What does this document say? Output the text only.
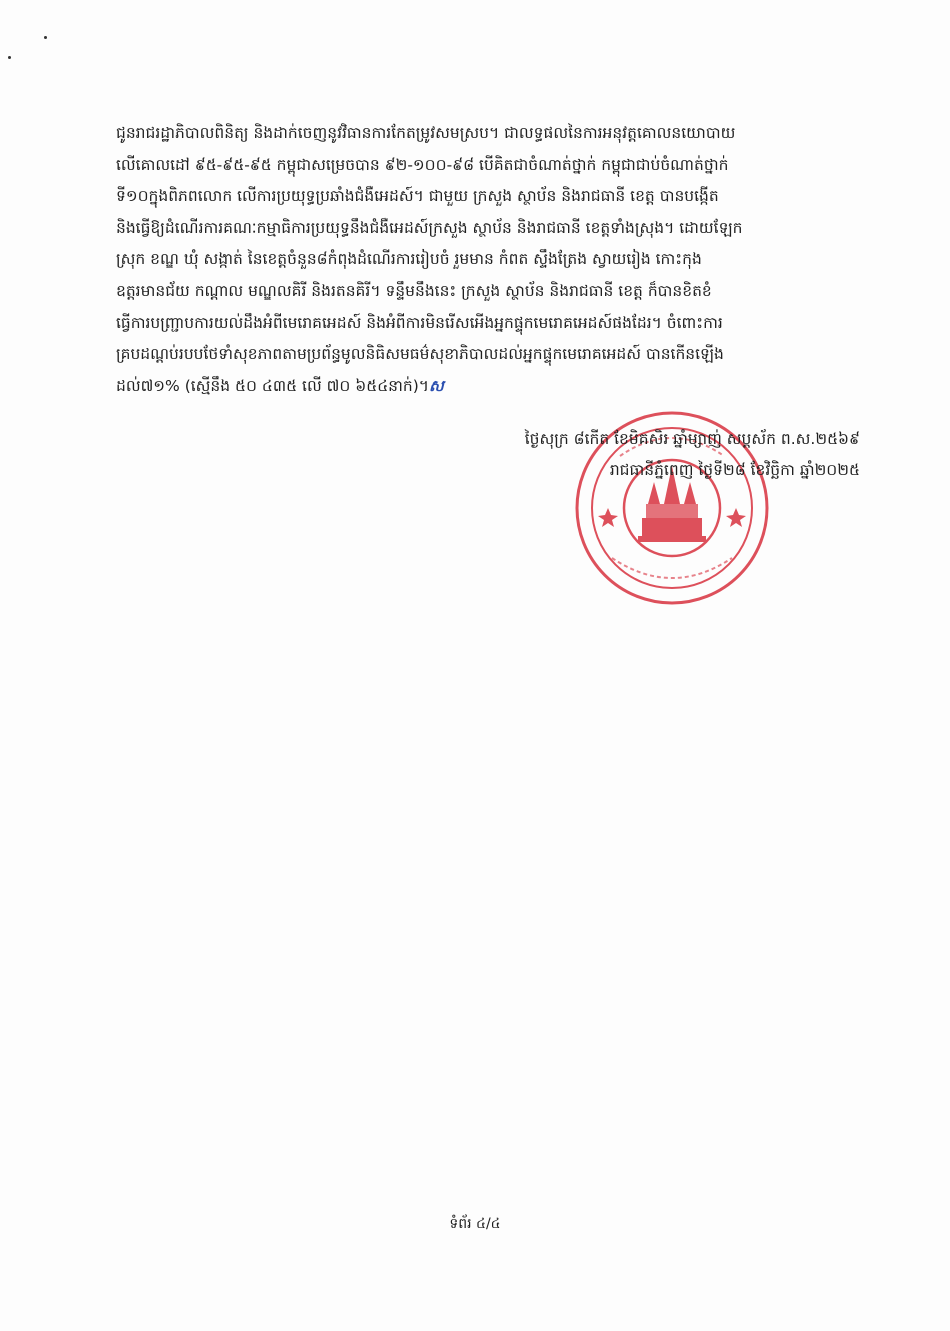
ជូនរាជរដ្ឋាភិបាលពិនិត្យ និងដាក់ចេញនូវវិធានការកែតម្រូវសមស្រប។ ជាលទ្ធផលនៃការអនុវត្តគោលនយោបាយ
លើគោលដៅ ៩៥-៩៥-៩៥ កម្ពុជាសម្រេចបាន ៩២-១០០-៩៨ បើគិតជាចំណាត់ថ្នាក់ កម្ពុជាជាប់ចំណាត់ថ្នាក់
ទី១០ក្នុងពិភពលោក លើការប្រយុទ្ធប្រឆាំងជំងឺអេដស៍។ ជាមួយ ក្រសួង ស្ថាប័ន និងរាជធានី ខេត្ត បានបង្កើត
និងធ្វើឱ្យដំណើរការគណៈកម្មាធិការប្រយុទ្ធនឹងជំងឺអេដស៍ក្រសួង ស្ថាប័ន និងរាជធានី ខេត្តទាំងស្រុង។ ដោយឡែក
ស្រុក ខណ្ឌ ឃុំ សង្កាត់ នៃខេត្តចំនួន៨កំពុងដំណើរការរៀបចំ រួមមាន កំពត ស្ទឹងត្រែង ស្វាយរៀង កោះកុង
ឧត្តរមានជ័យ កណ្ដាល មណ្ឌលគិរី និងរតនគិរី។ ទន្ទឹមនឹងនេះ ក្រសួង ស្ថាប័ន និងរាជធានី ខេត្ត ក៏បានខិតខំ
ធ្វើការបញ្ជ្រាបការយល់ដឹងអំពីមេរោគអេដស៍ និងអំពីការមិនរើសអើងអ្នកផ្ទុកមេរោគអេដស៍ផងដែរ។ ចំពោះការ
គ្របដណ្ដប់របបថែទាំសុខភាពតាមប្រព័ន្ធមូលនិធិសមធម៌សុខាភិបាលដល់អ្នកផ្ទុកមេរោគអេដស៍ បានកើនឡើង
ដល់៧១% (ស្មើនឹង ៥០ ៤៣៥ លើ ៧០ ៦៥៤នាក់)។ស
ថ្ងៃសុក្រ ៨កើត ខែមិគសិរ ឆ្នាំម្សាញ់ សប្តស័ក ព.ស.២៥៦៩
រាជធានីភ្នំពេញ ថ្ងៃទី២៨ ខែវិច្ឆិកា ឆ្នាំ២០២៥
ទំព័រ ៤/៤
